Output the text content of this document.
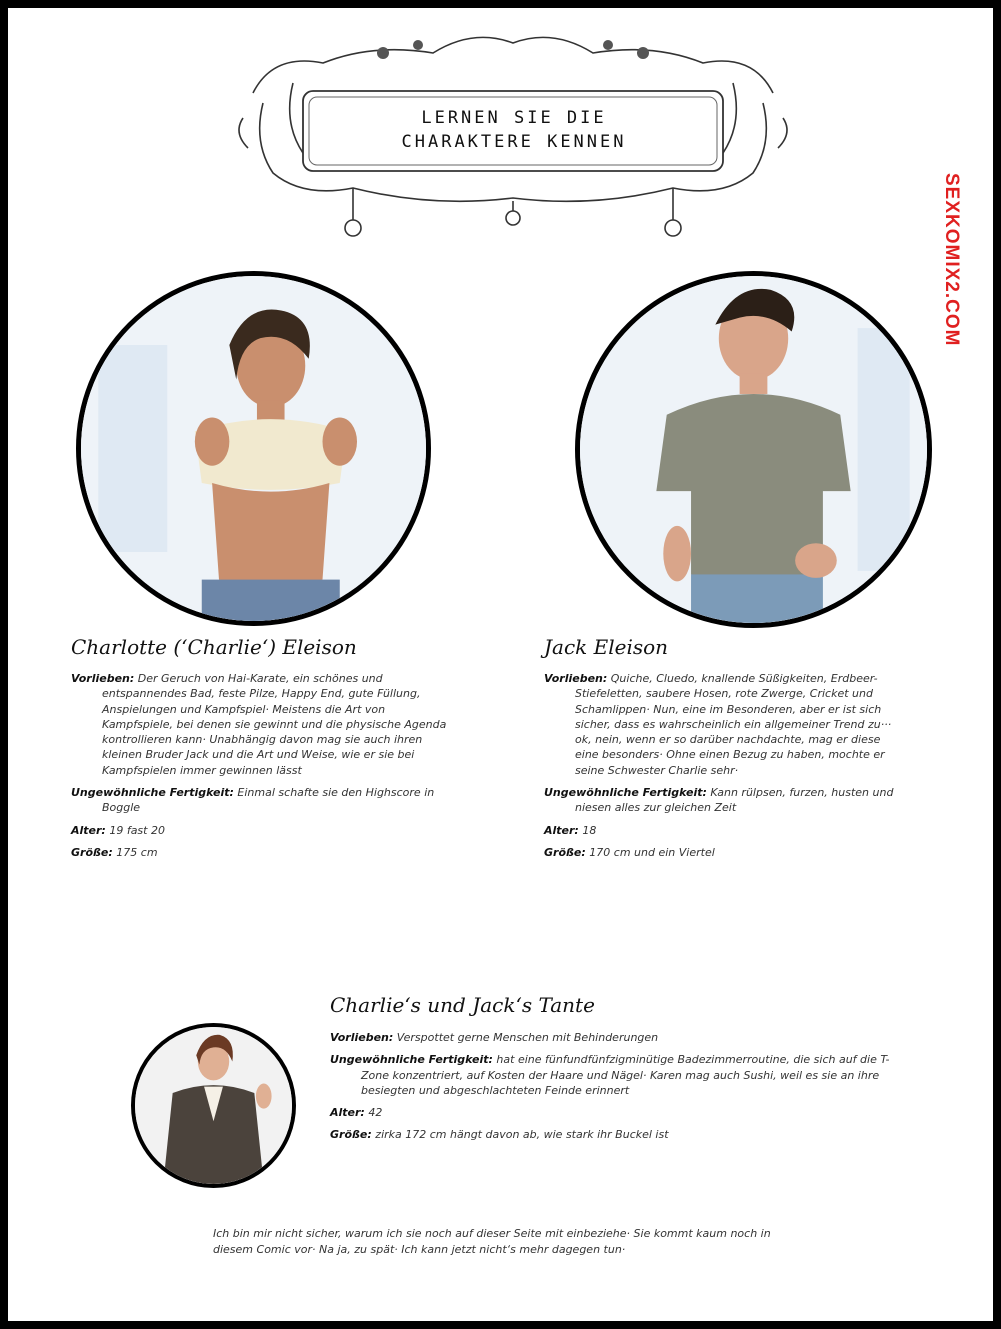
LERNEN SIE DIE
CHARAKTERE KENNEN
SEXKOMIX2.COM
Charlotte (‘Charlie‘) Eleison
Vorlieben: Der Geruch von Hai-Karate, ein schönes und entspannendes Bad, feste Pilze, Happy End, gute Füllung, Anspielungen und Kampfspiel· Meistens die Art von Kampfspiele, bei denen sie gewinnt und die physische Agenda kontrollieren kann· Unabhängig davon mag sie auch ihren kleinen Bruder Jack und die Art und Weise, wie er sie bei Kampfspielen immer gewinnen lässt
Ungewöhnliche Fertigkeit: Einmal schafte sie den Highscore in Boggle
Alter: 19 fast 20
Größe: 175 cm
Jack Eleison
Vorlieben: Quiche, Cluedo, knallende Süßigkeiten, Erdbeer-Stiefeletten, saubere Hosen, rote Zwerge, Cricket und Schamlippen· Nun, eine im Besonderen, aber er ist sich sicher, dass es wahrscheinlich ein allgemeiner Trend zu··· ok, nein, wenn er so darüber nachdachte, mag er diese eine besonders· Ohne einen Bezug zu haben, mochte er seine Schwester Charlie sehr·
Ungewöhnliche Fertigkeit: Kann rülpsen, furzen, husten und niesen alles zur gleichen Zeit
Alter: 18
Größe: 170 cm und ein Viertel
Charlie‘s und Jack‘s Tante
Vorlieben: Verspottet gerne Menschen mit Behinderungen
Ungewöhnliche Fertigkeit: hat eine fünfundfünfzigminütige Badezimmerroutine, die sich auf die T-Zone konzentriert, auf Kosten der Haare und Nägel· Karen mag auch Sushi, weil es sie an ihre besiegten und abgeschlachteten Feinde erinnert
Alter: 42
Größe: zirka 172 cm hängt davon ab, wie stark ihr Buckel ist
Ich bin mir nicht sicher, warum ich sie noch auf dieser Seite mit einbeziehe· Sie kommt kaum noch in diesem Comic vor· Na ja, zu spät· Ich kann jetzt nicht‘s mehr dagegen tun·
